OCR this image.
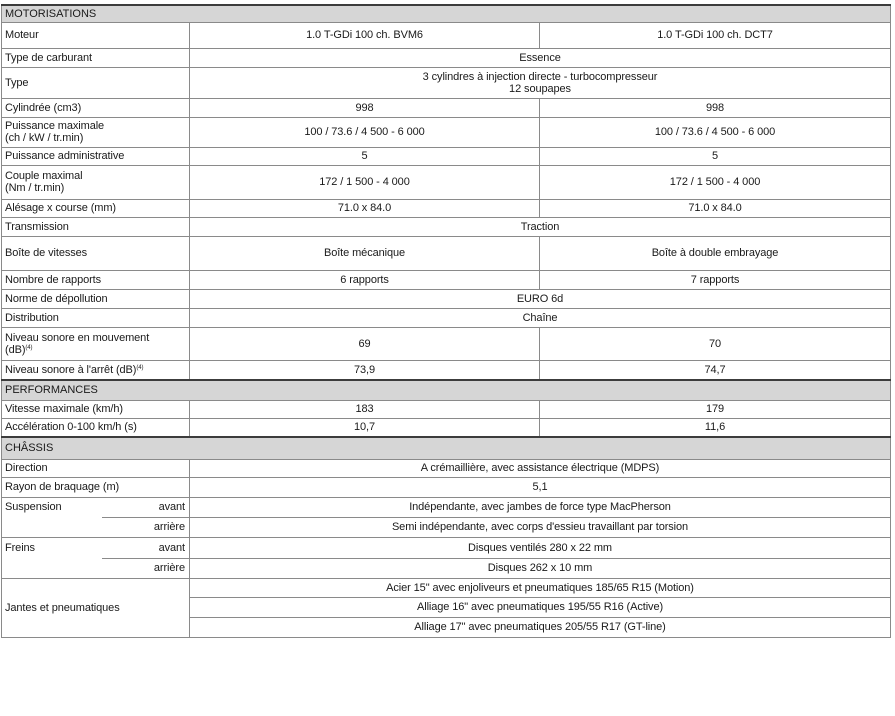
MOTORISATIONS			
Moteur		1.0 T-GDi 100 ch. BVM6	1.0 T-GDi 100 ch. DCT7
Type de carburant		Essence	
Type		3 cylindres à injection directe - turbocompresseur
12 soupapes	

Cylindrée (cm3)		998	998

Puissance maximale
(ch / kW / tr.min)		100 / 73.6 / 4 500 - 6 000	100 / 73.6 / 4 500 - 6 000
Puissance administrative		5	5

Couple maximal
(Nm / tr.min)		172 / 1 500 - 4 000	172 / 1 500 - 4 000
Alésage x course (mm)		71.0 x 84.0	71.0 x 84.0
Transmission		Traction	
Boîte de vitesses		Boîte mécanique	Boîte à double embrayage
Nombre de rapports		6 rapports	7 rapports
Norme de dépollution		EURO 6d	
Distribution		Chaîne	

Niveau sonore en mouvement
(dB)$^{(4)}$		69	70
Niveau sonore à l'arrêt (dB)$^{(4)}$		73,9	74,7
PERFORMANCES			
Vitesse maximale (km/h)		183	179
Accélération 0-100 km/h (s)		10,7	11,6
CHÂSSIS			
Direction		A crémaillière, avec assistance électrique (MDPS)	
Rayon de braquage (m)		5,1	
Suspension	avant	Indépendante, avec jambes de force type MacPherson	
	arrière	Semi indépendante, avec corps d'essieu travaillant par torsion	
Freins	avant	Disques ventilés 280 x 22 mm	
	arrière	Disques 262 x 10 mm	
Jantes et pneumatiques		Acier 15" avec enjoliveurs et pneumatiques 185/65 R15 (Motion)	
		Alliage 16" avec pneumatiques 195/55 R16 (Active)	
		Alliage 17" avec pneumatiques 205/55 R17 (GT-line)	
